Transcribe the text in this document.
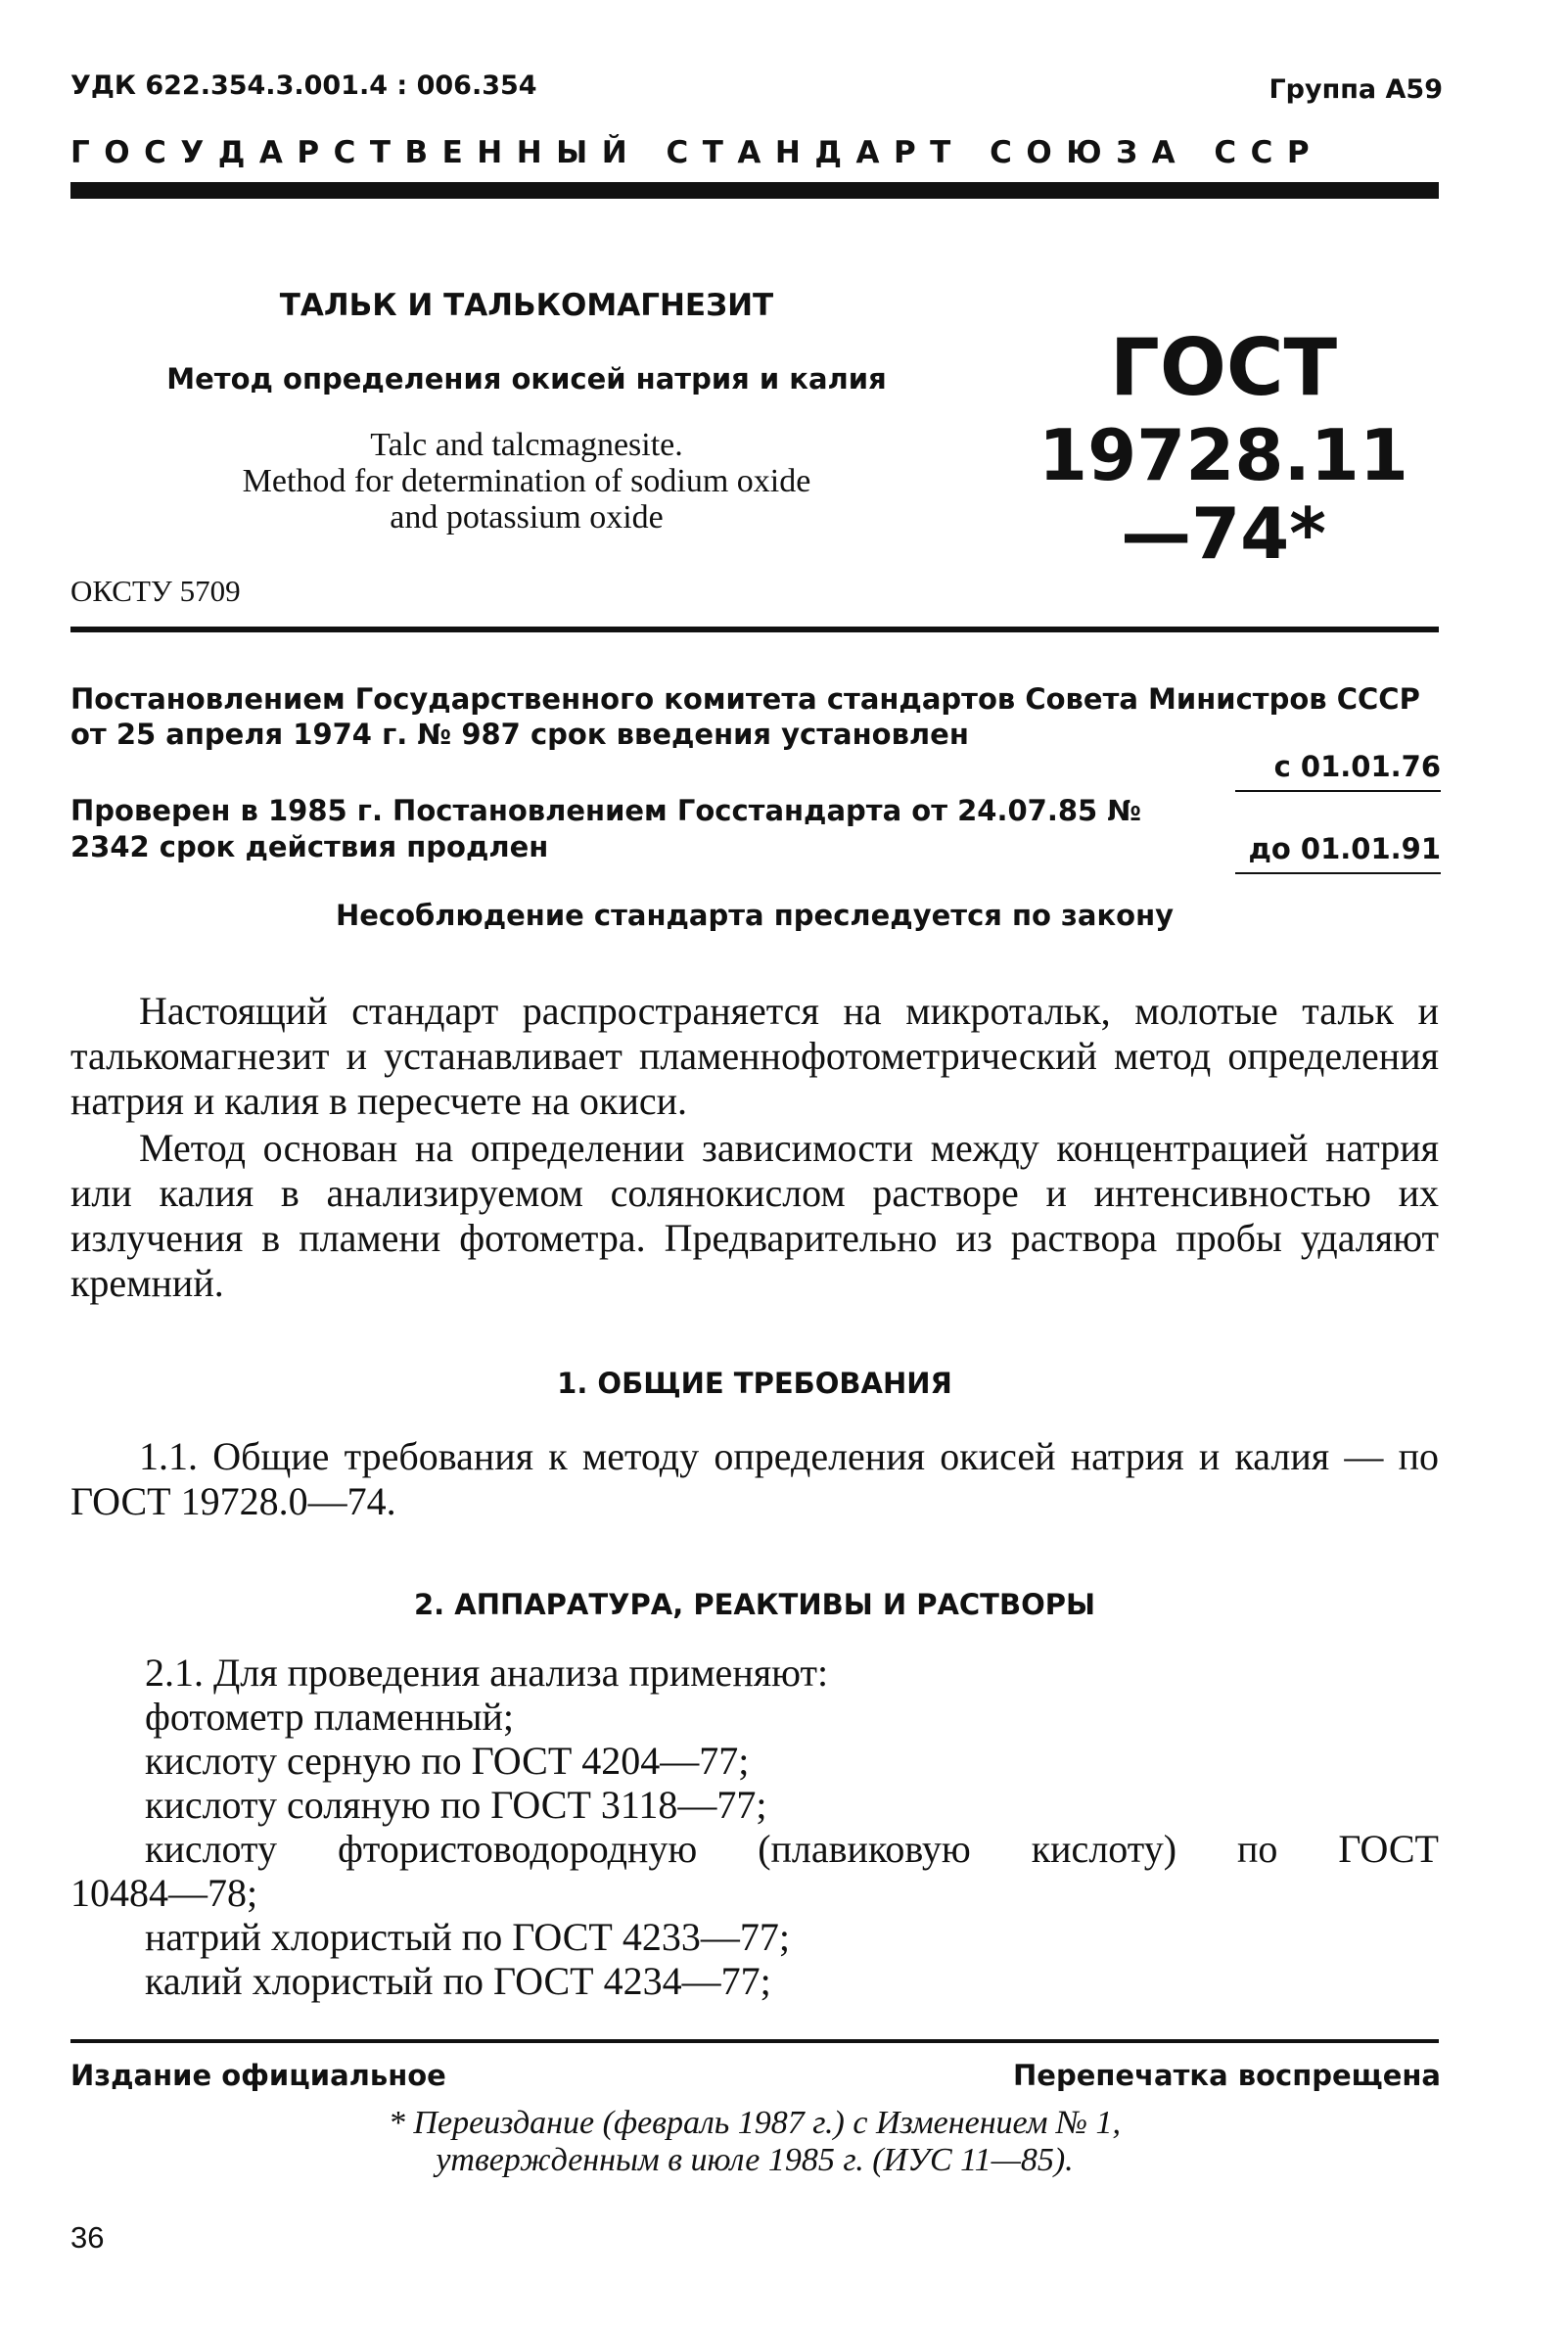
УДК 622.354.3.001.4 : 006.354	Группа А59
ГОСУДАРСТВЕННЫЙ СТАНДАРТ СОЮЗА ССР
ТАЛЬК И ТАЛЬКОМАГНЕЗИТ
Метод определения окисей натрия и калия
Talc and talcmagnesite.
Method for determination of sodium oxide
and potassium oxide
ГОСТ
19728.11—74*
ОКСТУ 5709
Постановлением Государственного комитета стандартов Совета Министров СССР от 25 апреля 1974 г. № 987 срок введения установлен
с 01.01.76
Проверен в 1985 г. Постановлением Госстандарта от 24.07.85 № 2342 срок действия продлен	до 01.01.91
Несоблюдение стандарта преследуется по закону
Настоящий стандарт распространяется на микротальк, молотые тальк и талькомагнезит и устанавливает пламеннофотометрический метод определения натрия и калия в пересчете на окиси.
Метод основан на определении зависимости между концентрацией натрия или калия в анализируемом солянокислом растворе и интенсивностью их излучения в пламени фотометра. Предварительно из раствора пробы удаляют кремний.
1. ОБЩИЕ ТРЕБОВАНИЯ
1.1. Общие требования к методу определения окисей натрия и калия — по ГОСТ 19728.0—74.
2. АППАРАТУРА, РЕАКТИВЫ И РАСТВОРЫ
2.1. Для проведения анализа применяют:
фотометр пламенный;
кислоту серную по ГОСТ 4204—77;
кислоту соляную по ГОСТ 3118—77;
кислоту фтористоводородную (плавиковую кислоту) по ГОСТ
10484—78;
натрий хлористый по ГОСТ 4233—77;
калий хлористый по ГОСТ 4234—77;
Издание официальное	Перепечатка воспрещена
* Переиздание (февраль 1987 г.) с Изменением № 1,
утвержденным в июле 1985 г. (ИУС 11—85).
36
